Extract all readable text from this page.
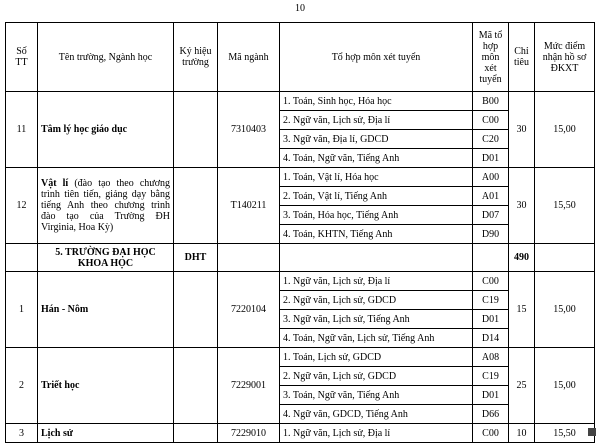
10
Số TT	Tên trường, Ngành học	Ký hiệu trường	Mã ngành	Tổ hợp môn xét tuyển	Mã tổ hợp môn xét tuyển	Chỉ tiêu	Mức điểm nhận hồ sơ ĐKXT
11	Tâm lý học giáo dục		7310403	1. Toán, Sinh học, Hóa học	B00	30	15,00
				2. Ngữ văn, Lịch sử, Địa lí	C00		
				3. Ngữ văn, Địa lí, GDCD	C20		
				4. Toán, Ngữ văn, Tiếng Anh	D01		
12	Vật lí (đào tạo theo chương trình tiên tiến, giảng dạy bằng tiếng Anh theo chương trình đào tạo của Trường ĐH Virginia, Hoa Kỳ)		T140211	1. Toán, Vật lí, Hóa học	A00	30	15,50
				2. Toán, Vật lí, Tiếng Anh	A01		
				3. Toán, Hóa học, Tiếng Anh	D07		
				4. Toán, KHTN, Tiếng Anh	D90		
	5. TRƯỜNG ĐẠI HỌC KHOA HỌC	DHT				490	
1	Hán - Nôm		7220104	1. Ngữ văn, Lịch sử, Địa lí	C00	15	15,00
				2. Ngữ văn, Lịch sử, GDCD	C19		
				3. Ngữ văn, Lịch sử, Tiếng Anh	D01		
				4. Toán, Ngữ văn, Lịch sử, Tiếng Anh	D14		
2	Triết học		7229001	1. Toán, Lịch sử, GDCD	A08	25	15,00
				2. Ngữ văn, Lịch sử, GDCD	C19		
				3. Toán, Ngữ văn, Tiếng Anh	D01		
				4. Ngữ văn, GDCD, Tiếng Anh	D66		
3	Lịch sử		7229010	1. Ngữ văn, Lịch sử, Địa lí	C00	10	15,50
